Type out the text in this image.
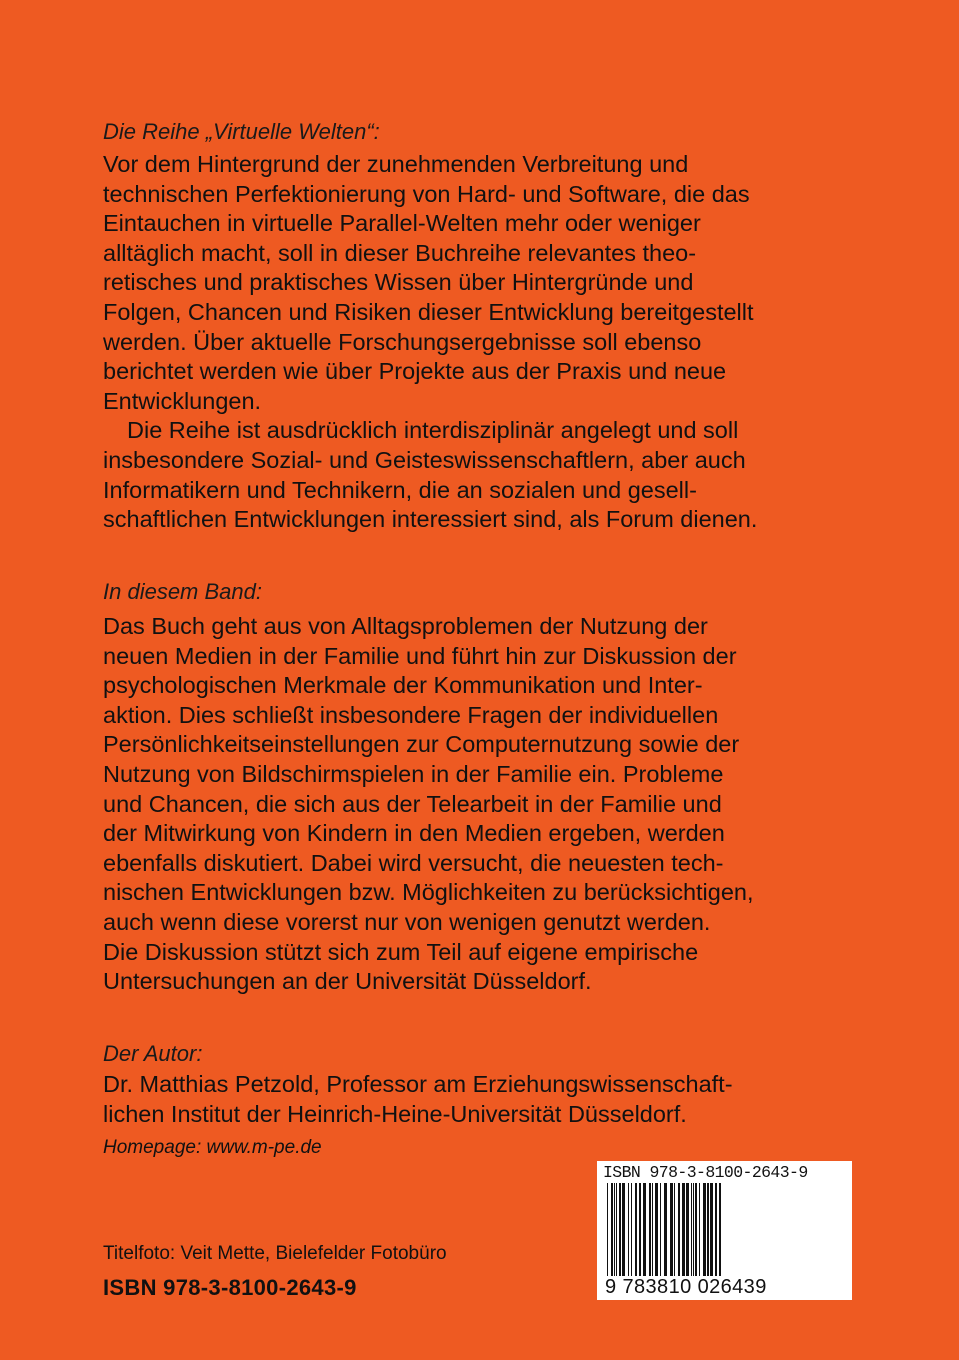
Die Reihe „Virtuelle Welten“:

Vor dem Hintergrund der zunehmenden Verbreitung und
technischen Perfektionierung von Hard- und Software, die das
Eintauchen in virtuelle Parallel-Welten mehr oder weniger
alltäglich macht, soll in dieser Buchreihe relevantes theo-
retisches und praktisches Wissen über Hintergründe und
Folgen, Chancen und Risiken dieser Entwicklung bereitgestellt
werden. Über aktuelle Forschungsergebnisse soll ebenso
berichtet werden wie über Projekte aus der Praxis und neue
Entwicklungen.

Die Reihe ist ausdrücklich interdisziplinär angelegt und soll
insbesondere Sozial- und Geisteswissenschaftlern, aber auch
Informatikern und Technikern, die an sozialen und gesell-
schaftlichen Entwicklungen interessiert sind, als Forum dienen.

In diesem Band:

Das Buch geht aus von Alltagsproblemen der Nutzung der
neuen Medien in der Familie und führt hin zur Diskussion der
psychologischen Merkmale der Kommunikation und Inter-
aktion. Dies schließt insbesondere Fragen der individuellen
Persönlichkeitseinstellungen zur Computernutzung sowie der
Nutzung von Bildschirmspielen in der Familie ein. Probleme
und Chancen, die sich aus der Telearbeit in der Familie und
der Mitwirkung von Kindern in den Medien ergeben, werden
ebenfalls diskutiert. Dabei wird versucht, die neuesten tech-
nischen Entwicklungen bzw. Möglichkeiten zu berücksichtigen,
auch wenn diese vorerst nur von wenigen genutzt werden.
Die Diskussion stützt sich zum Teil auf eigene empirische
Untersuchungen an der Universität Düsseldorf.

Der Autor:

Dr. Matthias Petzold, Professor am Erziehungswissenschaft-
lichen Institut der Heinrich-Heine-Universität Düsseldorf.

Homepage: www.m-pe.de
Titelfoto: Veit Mette, Bielefelder Fotobüro
ISBN 978-3-8100-2643-9
ISBN 978-3-8100-2643-9
9 783810 026439
